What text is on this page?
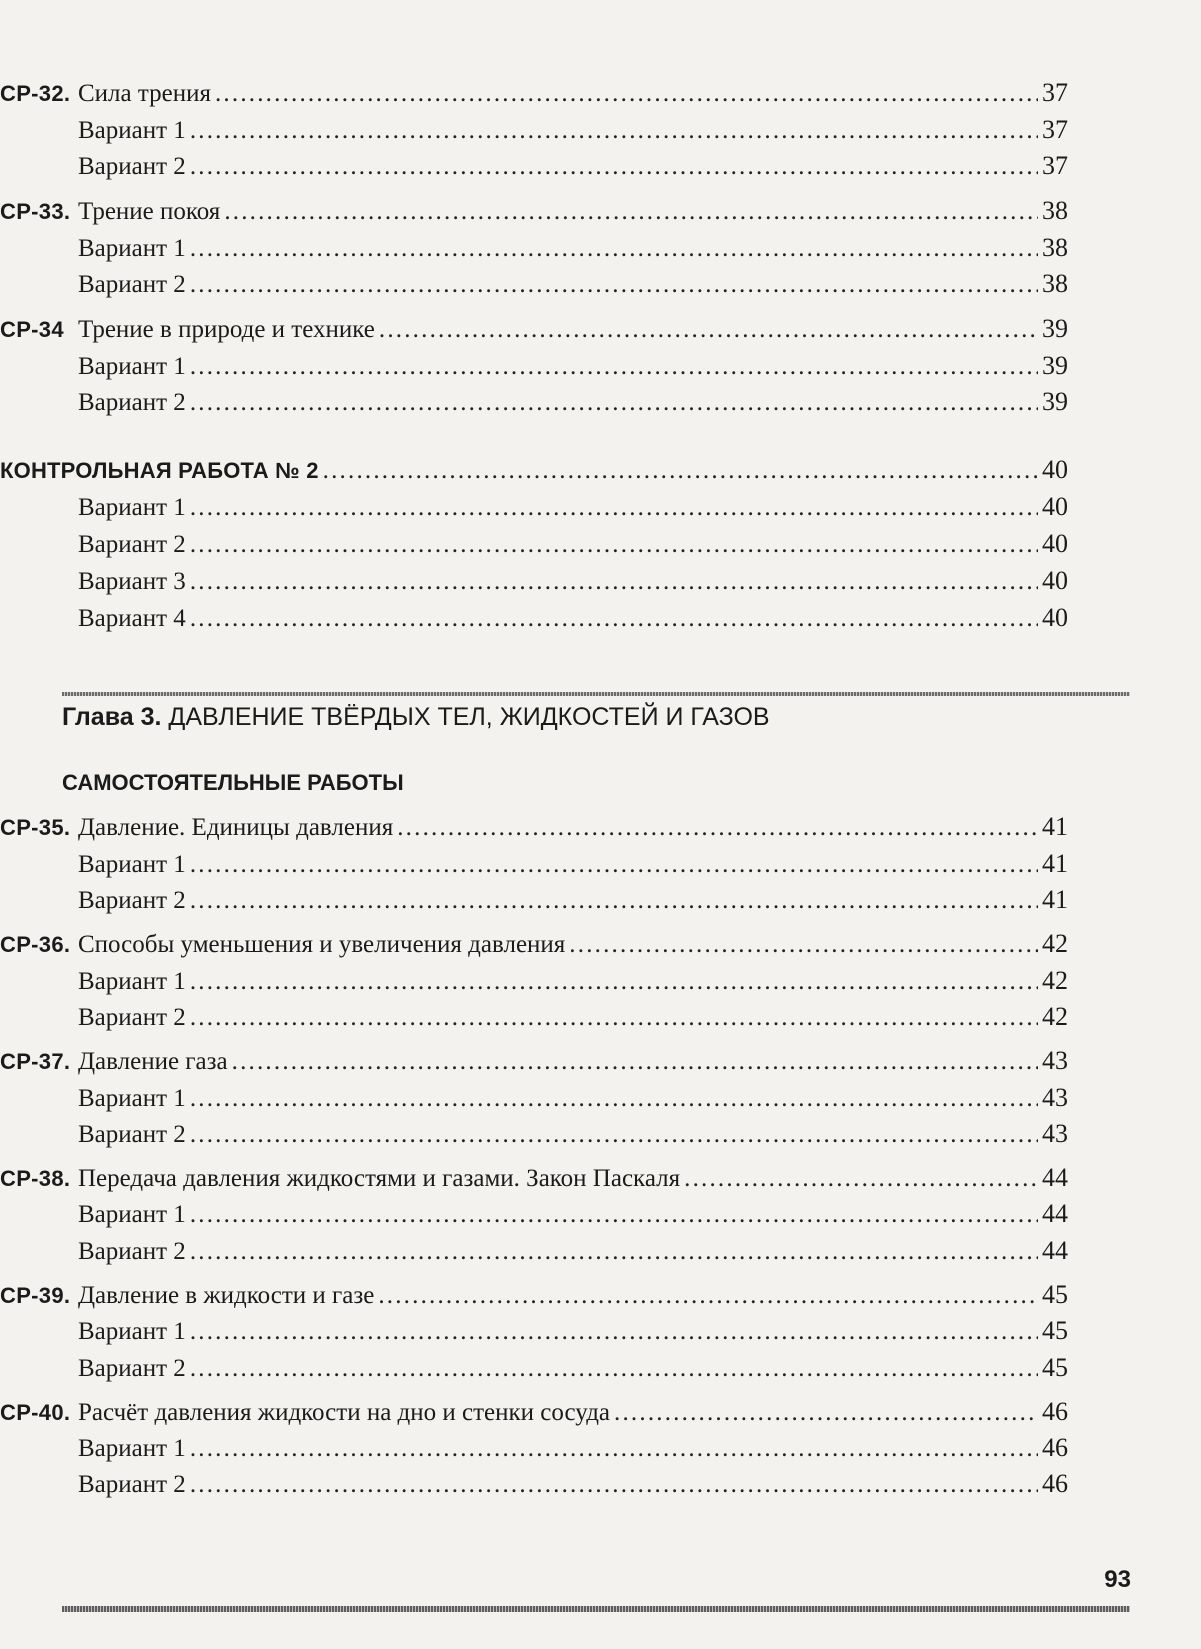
СР-32. Сила трения .....	37
Вариант 1 .....	37
Вариант 2 .....	37
СР-33. Трение покоя .....	38
Вариант 1 .....	38
Вариант 2 .....	38
СР-34 Трение в природе и технике .....	39
Вариант 1 .....	39
Вариант 2 .....	39
КОНТРОЛЬНАЯ РАБОТА № 2 .....	40
Вариант 1 .....	40
Вариант 2 .....	40
Вариант 3 .....	40
Вариант 4 .....	40
Глава 3. ДАВЛЕНИЕ ТВЁРДЫХ ТЕЛ, ЖИДКОСТЕЙ И ГАЗОВ
САМОСТОЯТЕЛЬНЫЕ РАБОТЫ
СР-35. Давление. Единицы давления .....	41
Вариант 1 .....	41
Вариант 2 .....	41
СР-36. Способы уменьшения и увеличения давления .....	42
Вариант 1 .....	42
Вариант 2 .....	42
СР-37. Давление газа .....	43
Вариант 1 .....	43
Вариант 2 .....	43
СР-38. Передача давления жидкостями и газами. Закон Паскаля .....	44
Вариант 1 .....	44
Вариант 2 .....	44
СР-39. Давление в жидкости и газе .....	45
Вариант 1 .....	45
Вариант 2 .....	45
СР-40. Расчёт давления жидкости на дно и стенки сосуда .....	46
Вариант 1 .....	46
Вариант 2 .....	46
93
